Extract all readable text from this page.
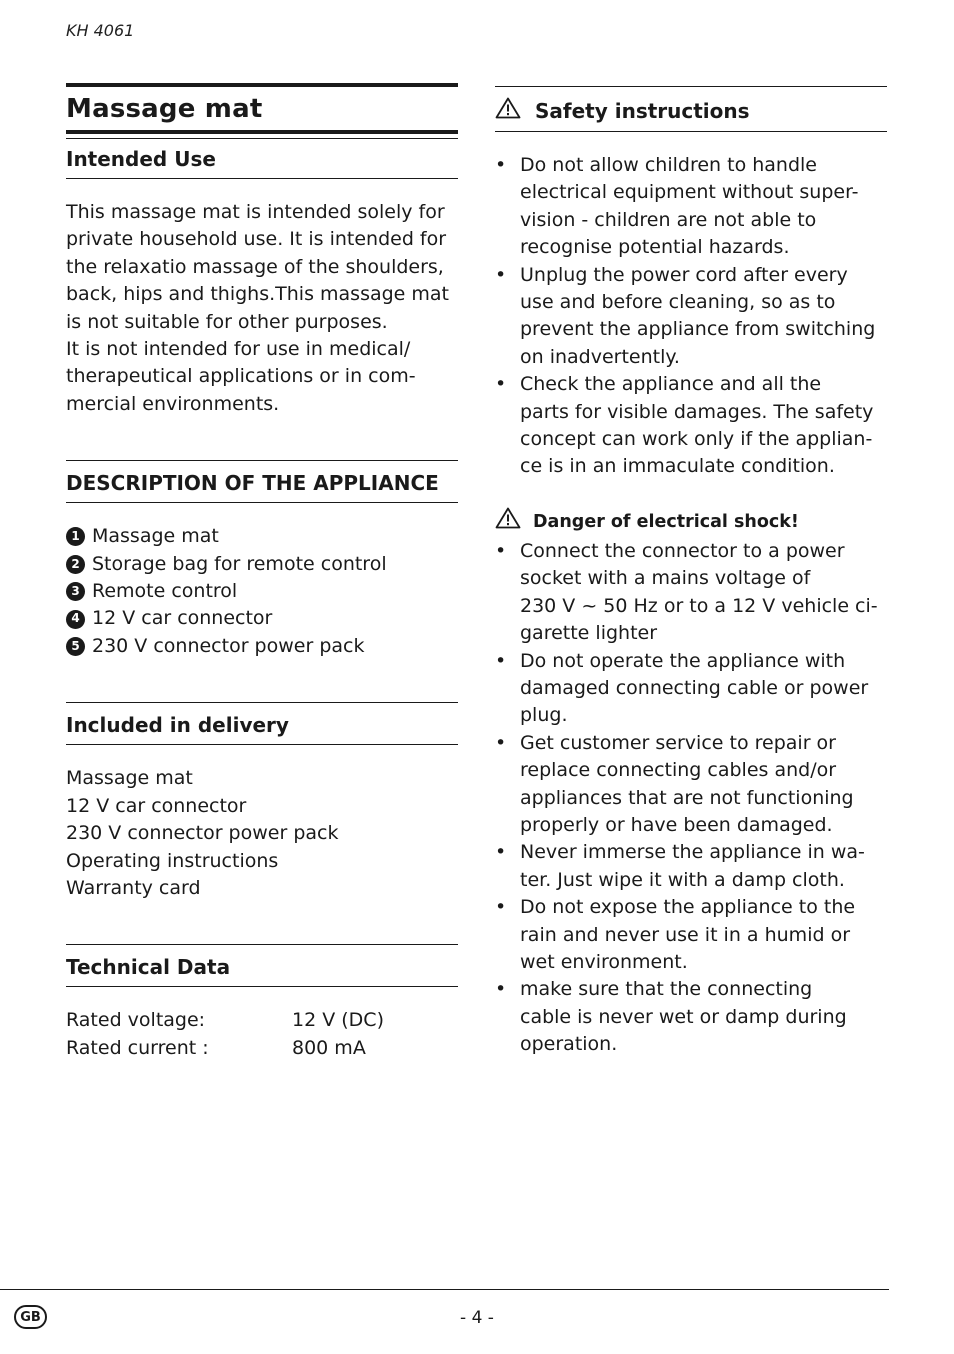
KH 4061
Massage mat
Intended Use
This massage mat is intended solely for
private household use. It is intended for
the relaxatio massage of the shoulders,
back, hips and thighs.This massage mat
is not suitable for other purposes.
It is not intended for use in medical/
therapeutical applications or in com-
mercial environments.
DESCRIPTION OF THE APPLIANCE
1 Massage mat
2 Storage bag for remote control
3 Remote control
4 12 V car connector
5 230 V connector power pack
Included in delivery
Massage mat
12 V car connector
230 V connector power pack
Operating instructions
Warranty card
Technical Data
Rated voltage:	12 V (DC)
Rated current :	800 mA
Safety instructions
• Do not allow children to handle
electrical equipment without super-
vision - children are not able to
recognise potential hazards.
• Unplug the power cord after every
use and before cleaning, so as to
prevent the appliance from switching
on inadvertently.
• Check the appliance and all the
parts for visible damages. The safety
concept can work only if the applian-
ce is in an immaculate condition.
Danger of electrical shock!
• Connect the connector to a power
socket with a mains voltage of
230 V ~ 50 Hz or to a 12 V vehicle ci-
garette lighter
• Do not operate the appliance with
damaged connecting cable or power
plug.
• Get customer service to repair or
replace connecting cables and/or
appliances that are not functioning
properly or have been damaged.
• Never immerse the appliance in wa-
ter. Just wipe it with a damp cloth.
• Do not expose the appliance to the
rain and never use it in a humid or
wet environment.
• make sure that the connecting
cable is never wet or damp during
operation.
GB	- 4 -
